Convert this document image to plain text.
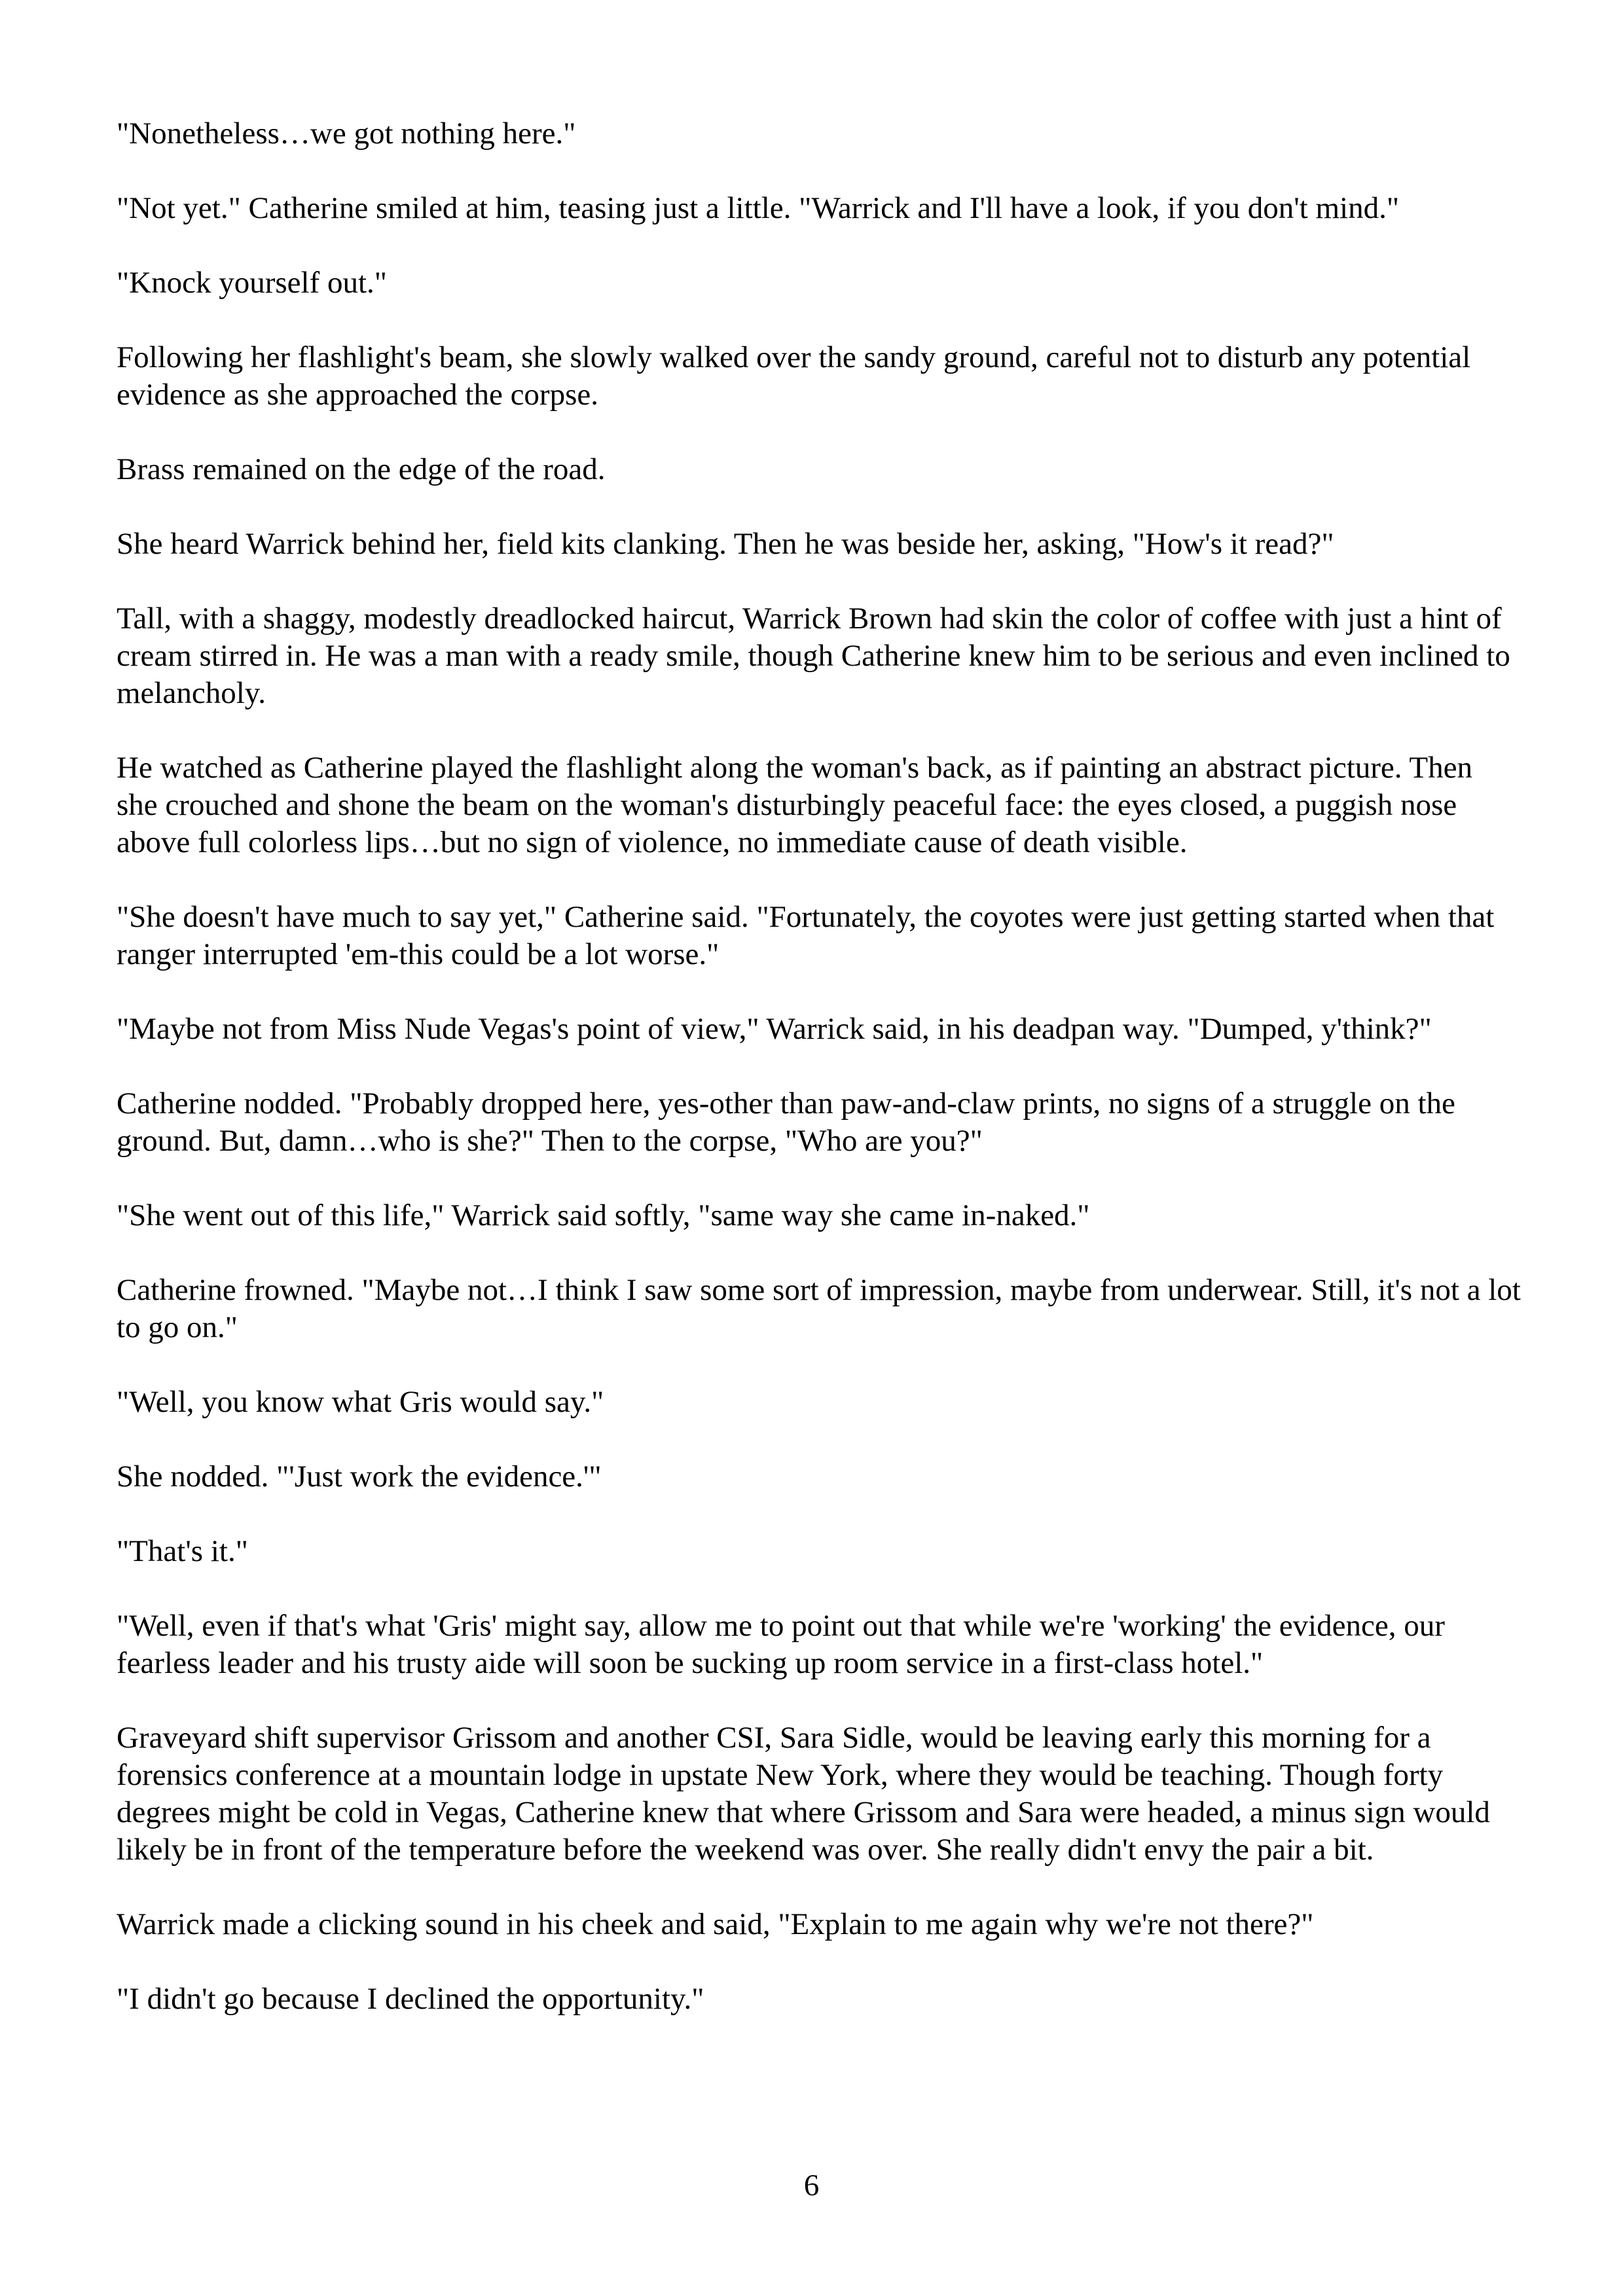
"Nonetheless…we got nothing here."

"Not yet." Catherine smiled at him, teasing just a little. "Warrick and I'll have a look, if you don't mind."

"Knock yourself out."

Following her flashlight's beam, she slowly walked over the sandy ground, careful not to disturb any potential evidence as she approached the corpse.

Brass remained on the edge of the road.

She heard Warrick behind her, field kits clanking. Then he was beside her, asking, "How's it read?"

Tall, with a shaggy, modestly dreadlocked haircut, Warrick Brown had skin the color of coffee with just a hint of cream stirred in. He was a man with a ready smile, though Catherine knew him to be serious and even inclined to melancholy.

He watched as Catherine played the flashlight along the woman's back, as if painting an abstract picture. Then she crouched and shone the beam on the woman's disturbingly peaceful face: the eyes closed, a puggish nose above full colorless lips…but no sign of violence, no immediate cause of death visible.

"She doesn't have much to say yet," Catherine said. "Fortunately, the coyotes were just getting started when that ranger interrupted 'em-this could be a lot worse."

"Maybe not from Miss Nude Vegas's point of view," Warrick said, in his deadpan way. "Dumped, y'think?"

Catherine nodded. "Probably dropped here, yes-other than paw-and-claw prints, no signs of a struggle on the ground. But, damn…who is she?" Then to the corpse, "Who are you?"

"She went out of this life," Warrick said softly, "same way she came in-naked."

Catherine frowned. "Maybe not…I think I saw some sort of impression, maybe from underwear. Still, it's not a lot to go on."

"Well, you know what Gris would say."

She nodded. "'Just work the evidence.'"

"That's it."

"Well, even if that's what 'Gris' might say, allow me to point out that while we're 'working' the evidence, our fearless leader and his trusty aide will soon be sucking up room service in a first-class hotel."

Graveyard shift supervisor Grissom and another CSI, Sara Sidle, would be leaving early this morning for a forensics conference at a mountain lodge in upstate New York, where they would be teaching. Though forty degrees might be cold in Vegas, Catherine knew that where Grissom and Sara were headed, a minus sign would likely be in front of the temperature before the weekend was over. She really didn't envy the pair a bit.

Warrick made a clicking sound in his cheek and said, "Explain to me again why we're not there?"

"I didn't go because I declined the opportunity."

6
